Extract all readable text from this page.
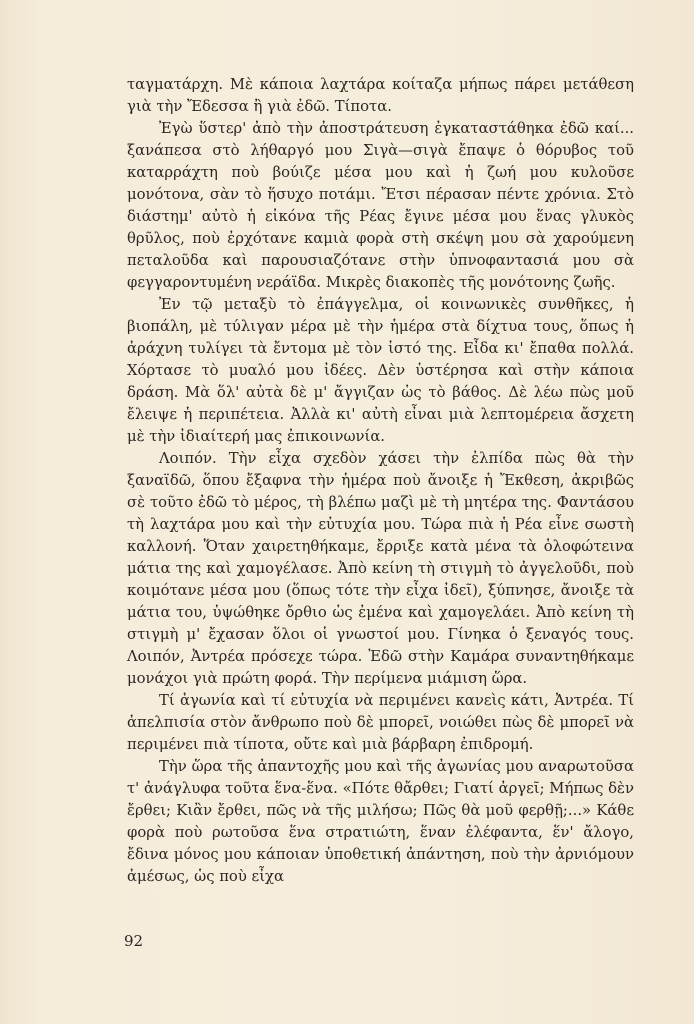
ταγματάρχη. Μὲ κάποια λαχτάρα κοίταζα μήπως πάρει μετάθεση γιὰ τὴν Ἔδεσσα ἢ γιὰ ἐδῶ. Τίποτα.

Ἐγὼ ὕστερ' ἀπὸ τὴν ἀποστράτευση ἐγκαταστάθηκα ἐδῶ καί... ξανάπεσα στὸ λήθαργό μου Σιγὰ—σιγὰ ἔπαψε ὁ θόρυβος τοῦ καταρράχτη ποὺ βούιζε μέσα μου καὶ ἡ ζωή μου κυλοῦσε μονότονα, σὰν τὸ ἥσυχο ποτάμι. Ἔτσι πέρασαν πέντε χρόνια. Στὸ διάστημ' αὐτὸ ἡ εἰκόνα τῆς Ρέας ἔγινε μέσα μου ἕνας γλυκὸς θρῦλος, ποὺ ἐρχότανε καμιὰ φορὰ στὴ σκέψη μου σὰ χαρούμενη πεταλοῦδα καὶ παρουσιαζότανε στὴν ὑπνοφαντασιά μου σὰ φεγγαροντυμένη νεράϊδα. Μικρὲς διακοπὲς τῆς μονότονης ζωῆς.

Ἐν τῷ μεταξὺ τὸ ἐπάγγελμα, οἱ κοινωνικὲς συνθῆκες, ἡ βιοπάλη, μὲ τύλιγαν μέρα μὲ τὴν ἡμέρα στὰ δίχτυα τους, ὅπως ἡ ἀράχνη τυλίγει τὰ ἔντομα μὲ τὸν ἱστό της. Εἶδα κι' ἔπαθα πολλά. Χόρτασε τὸ μυαλό μου ἰδέες. Δὲν ὑστέρησα καὶ στὴν κάποια δράση. Μὰ ὅλ' αὐτὰ δὲ μ' ἄγγιζαν ὡς τὸ βάθος. Δὲ λέω πὼς μοῦ ἔλειψε ἡ περιπέτεια. Ἀλλὰ κι' αὐτὴ εἶναι μιὰ λεπτομέρεια ἄσχετη μὲ τὴν ἰδιαίτερή μας ἐπικοινωνία.

Λοιπόν. Τὴν εἶχα σχεδὸν χάσει τὴν ἐλπίδα πὼς θὰ τὴν ξαναϊδῶ, ὅπου ἔξαφνα τὴν ἡμέρα ποὺ ἄνοιξε ἡ Ἔκθεση, ἀκριβῶς σὲ τοῦτο ἐδῶ τὸ μέρος, τὴ βλέπω μαζὶ μὲ τὴ μητέρα της. Φαντάσου τὴ λαχτάρα μου καὶ τὴν εὐτυχία μου. Τώρα πιὰ ἡ Ρέα εἶνε σωστὴ καλλονή. Ὅταν χαιρετηθήκαμε, ἔρριξε κατὰ μένα τὰ ὁλοφώτεινα μάτια της καὶ χαμογέλασε. Ἀπὸ κείνη τὴ στιγμὴ τὸ ἀγγελοῦδι, ποὺ κοιμότανε μέσα μου (ὅπως τότε τὴν εἶχα ἰδεῖ), ξύπνησε, ἄνοιξε τὰ μάτια του, ὑψώθηκε ὄρθιο ὡς ἐμένα καὶ χαμογελάει. Ἀπὸ κείνη τὴ στιγμὴ μ' ἔχασαν ὅλοι οἱ γνωστοί μου. Γίνηκα ὁ ξεναγός τους. Λοιπόν, Ἀντρέα πρόσεχε τώρα. Ἐδῶ στὴν Καμάρα συναντηθήκαμε μονάχοι γιὰ πρώτη φορά. Τὴν περίμενα μιάμιση ὥρα.

Τί ἀγωνία καὶ τί εὐτυχία νὰ περιμένει κανεὶς κάτι, Ἀντρέα. Τί ἀπελπισία στὸν ἄνθρωπο ποὺ δὲ μπορεῖ, νοιώθει πὼς δὲ μπορεῖ νὰ περιμένει πιὰ τίποτα, οὔτε καὶ μιὰ βάρβαρη ἐπιδρομή.

Τὴν ὥρα τῆς ἀπαντοχῆς μου καὶ τῆς ἀγωνίας μου αναρωτοῦσα τ' ἀνάγλυφα τοῦτα ἕνα-ἕνα. «Πότε θἄρθει; Γιατί ἀργεῖ; Μήπως δὲν ἔρθει; Κιἂν ἔρθει, πῶς νὰ τῆς μιλήσω; Πῶς θὰ μοῦ φερθῇ;...» Κάθε φορὰ ποὺ ρωτοῦσα ἕνα στρατιώτη, ἕναν ἐλέφαντα, ἕν' ἄλογο, ἔδινα μόνος μου κάποιαν ὑποθετική ἀπάντηση, ποὺ τὴν ἀρνιόμουν ἀμέσως, ὡς ποὺ εἶχα

92
